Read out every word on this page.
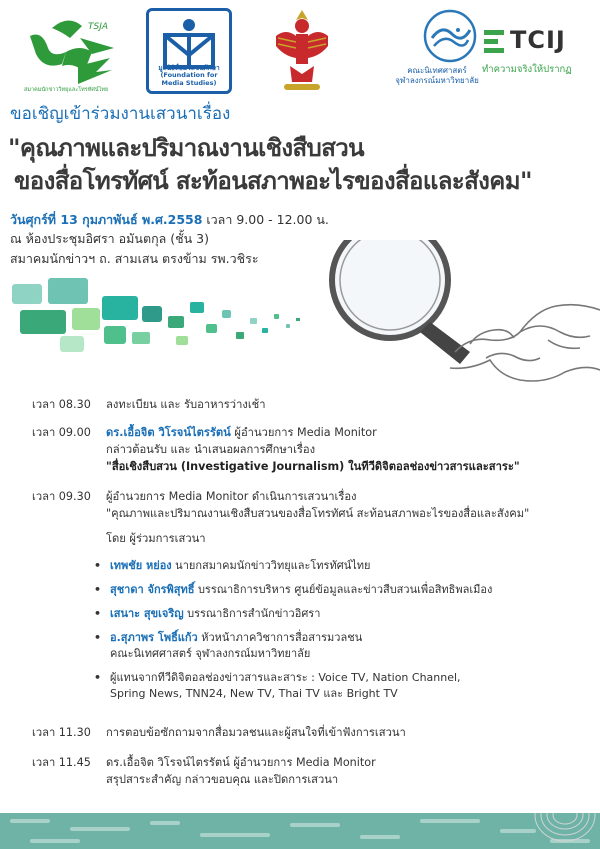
TSJA
สมาคมนักข่าววิทยุและโทรทัศน์ไทย
มูลนิธิสื่อมวลชนศึกษา
(Foundation for Media Studies)
คณะนิเทศศาสตร์
จุฬาลงกรณ์มหาวิทยาลัย
TCIJ
ทำความจริงให้ปรากฏ
ขอเชิญเข้าร่วมงานเสวนาเรื่อง
"คุณภาพและปริมาณงานเชิงสืบสวน
ของสื่อโทรทัศน์ สะท้อนสภาพอะไรของสื่อและสังคม"
วันศุกร์ที่ 13 กุมภาพันธ์ พ.ศ.2558 เวลา 9.00 - 12.00 น.
ณ ห้องประชุมอิศรา อมันตกุล (ชั้น 3)
สมาคมนักข่าวฯ ถ. สามเสน ตรงข้าม รพ.วชิระ
เวลา 08.30 ลงทะเบียน และ รับอาหารว่างเช้า
เวลา 09.00 ดร.เอื้อจิต วิโรจน์ไตรรัตน์ ผู้อำนวยการ Media Monitor
กล่าวต้อนรับ และ นำเสนอผลการศึกษาเรื่อง
"สื่อเชิงสืบสวน (Investigative Journalism) ในทีวีดิจิตอลช่องข่าวสารและสาระ"
เวลา 09.30 ผู้อำนวยการ Media Monitor ดำเนินการเสวนาเรื่อง
"คุณภาพและปริมาณงานเชิงสืบสวนของสื่อโทรทัศน์ สะท้อนสภาพอะไรของสื่อและสังคม"
โดย ผู้ร่วมการเสวนา
• เทพชัย หย่อง นายกสมาคมนักข่าววิทยุและโทรทัศน์ไทย
• สุชาดา จักรพิสุทธิ์ บรรณาธิการบริหาร ศูนย์ข้อมูลและข่าวสืบสวนเพื่อสิทธิพลเมือง
• เสนาะ สุขเจริญ บรรณาธิการสำนักข่าวอิศรา
• อ.สุภาพร โพธิ์แก้ว หัวหน้าภาควิชาการสื่อสารมวลชน
คณะนิเทศศาสตร์ จุฬาลงกรณ์มหาวิทยาลัย
• ผู้แทนจากทีวีดิจิตอลช่องข่าวสารและสาระ : Voice TV, Nation Channel,
Spring News, TNN24, New TV, Thai TV และ Bright TV
เวลา 11.30 การตอบข้อซักถามจากสื่อมวลชนและผู้สนใจที่เข้าฟังการเสวนา
เวลา 11.45 ดร.เอื้อจิต วิโรจน์ไตรรัตน์ ผู้อำนวยการ Media Monitor
สรุปสาระสำคัญ กล่าวขอบคุณ และปิดการเสวนา
